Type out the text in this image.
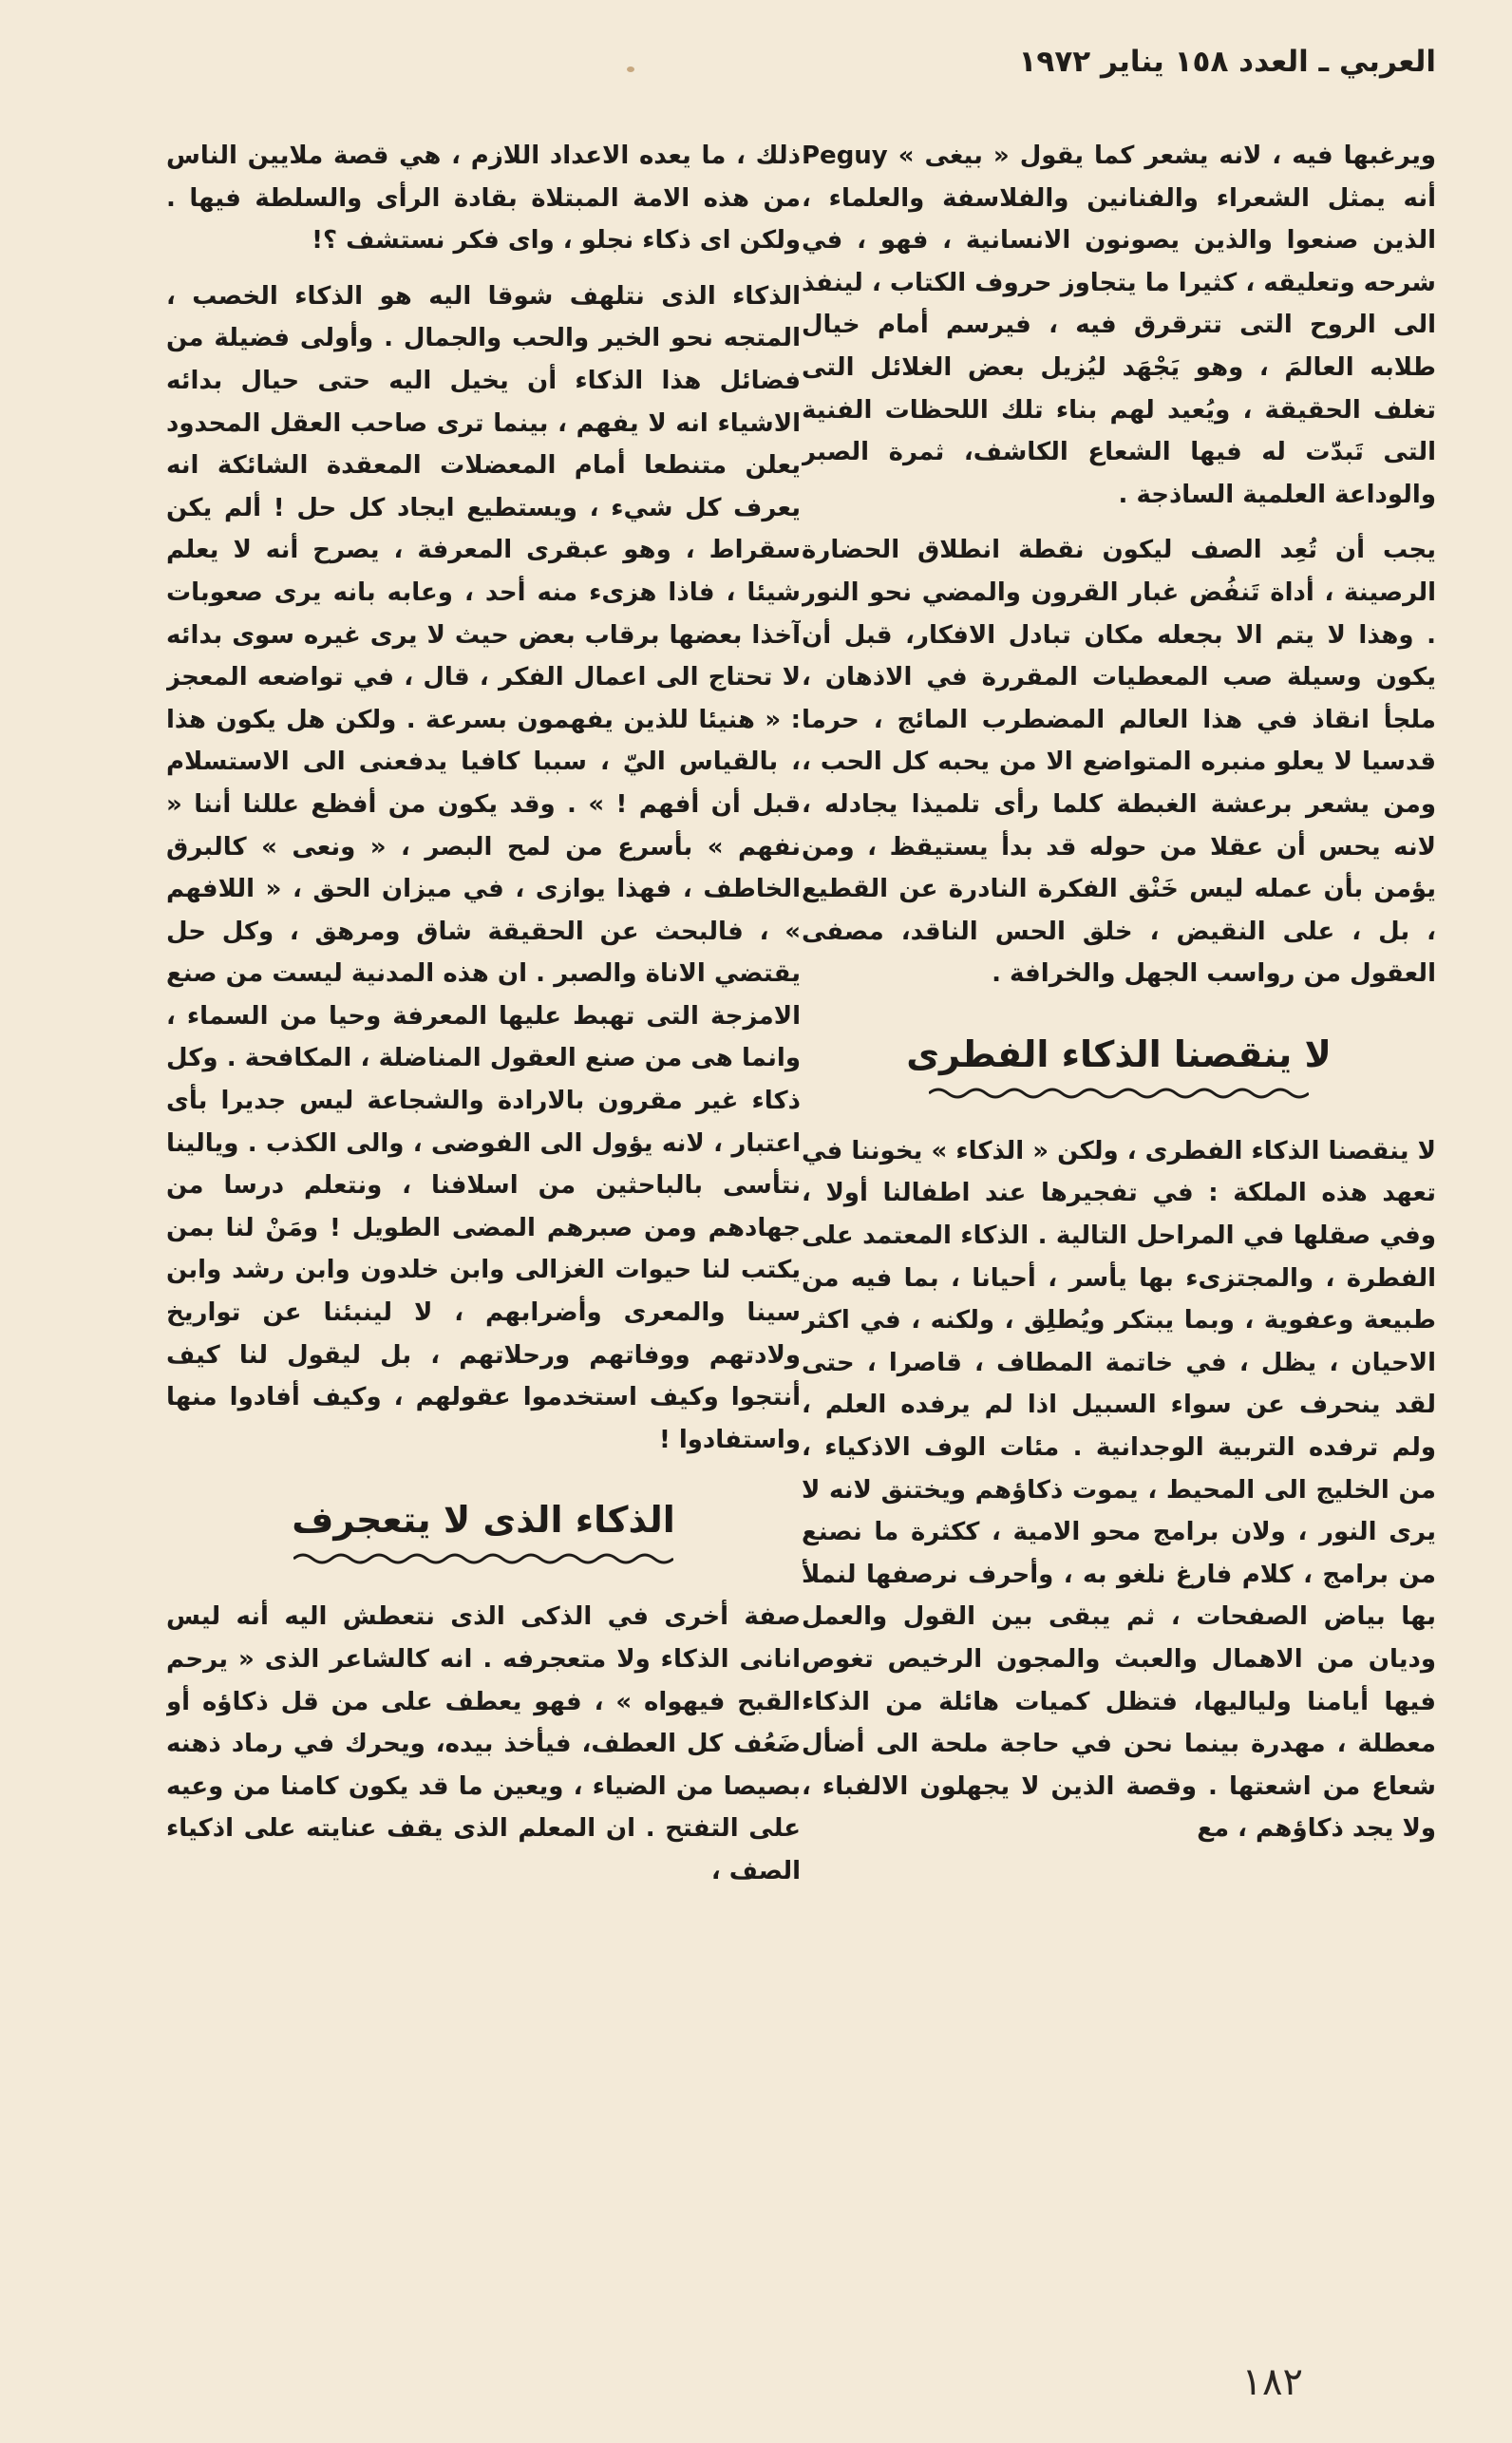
العربي ـ العدد ١٥٨ يناير ١٩٧٢

ويرغبها فيه ، لانه يشعر كما يقول « بيغى » Peguy أنه يمثل الشعراء والفنانين والفلاسفة والعلماء ، الذين صنعوا والذين يصونون الانسانية ، فهو ، في شرحه وتعليقه ، كثيرا ما يتجاوز حروف الكتاب ، لينفذ الى الروح التى تترقرق فيه ، فيرسم أمام خيال طلابه العالمَ ، وهو يَجْهَد ليُزيل بعض الغلائل التى تغلف الحقيقة ، ويُعيد لهم بناء تلك اللحظات الفنية التى تَبدّت له فيها الشعاع الكاشف، ثمرة الصبر والوداعة العلمية الساذجة .

يجب أن تُعِد الصف ليكون نقطة انطلاق الحضارة الرصينة ، أداة تَنفُض غبار القرون والمضي نحو النور . وهذا لا يتم الا بجعله مكان تبادل الافكار، قبل أن يكون وسيلة صب المعطيات المقررة في الاذهان ، ملجأ انقاذ في هذا العالم المضطرب المائج ، حرما قدسيا لا يعلو منبره المتواضع الا من يحبه كل الحب ، ومن يشعر برعشة الغبطة كلما رأى تلميذا يجادله ، لانه يحس أن عقلا من حوله قد بدأ يستيقظ ، ومن يؤمن بأن عمله ليس خَنْق الفكرة النادرة عن القطيع ، بل ، على النقيض ، خلق الحس الناقد، مصفى العقول من رواسب الجهل والخرافة .

لا ينقصنا الذكاء الفطرى

لا ينقصنا الذكاء الفطرى ، ولكن « الذكاء » يخوننا في تعهد هذه الملكة : في تفجيرها عند اطفالنا أولا ، وفي صقلها في المراحل التالية . الذكاء المعتمد على الفطرة ، والمجتزىء بها يأسر ، أحيانا ، بما فيه من طبيعة وعفوية ، وبما يبتكر ويُطلِق ، ولكنه ، في اكثر الاحيان ، يظل ، في خاتمة المطاف ، قاصرا ، حتى لقد ينحرف عن سواء السبيل اذا لم يرفده العلم ، ولم ترفده التربية الوجدانية . مئات الوف الاذكياء ، من الخليج الى المحيط ، يموت ذكاؤهم ويختنق لانه لا يرى النور ، ولان برامج محو الامية ، ككثرة ما نصنع من برامج ، كلام فارغ نلغو به ، وأحرف نرصفها لنملأ بها بياض الصفحات ، ثم يبقى بين القول والعمل وديان من الاهمال والعبث والمجون الرخيص تغوص فيها أيامنا ولياليها، فتظل كميات هائلة من الذكاء معطلة ، مهدرة بينما نحن في حاجة ملحة الى أضأل شعاع من اشعتها . وقصة الذين لا يجهلون الالفباء ، ولا يجد ذكاؤهم ، مع

ذلك ، ما يعده الاعداد اللازم ، هي قصة ملايين الناس من هذه الامة المبتلاة بقادة الرأى والسلطة فيها . ولكن اى ذكاء نجلو ، واى فكر نستشف ؟!

الذكاء الذى نتلهف شوقا اليه هو الذكاء الخصب ، المتجه نحو الخير والحب والجمال . وأولى فضيلة من فضائل هذا الذكاء أن يخيل اليه حتى حيال بدائه الاشياء انه لا يفهم ، بينما ترى صاحب العقل المحدود يعلن متنطعا أمام المعضلات المعقدة الشائكة انه يعرف كل شيء ، ويستطيع ايجاد كل حل ! ألم يكن سقراط ، وهو عبقرى المعرفة ، يصرح أنه لا يعلم شيئا ، فاذا هزىء منه أحد ، وعابه بانه يرى صعوبات آخذا بعضها برقاب بعض حيث لا يرى غيره سوى بدائه لا تحتاج الى اعمال الفكر ، قال ، في تواضعه المعجز : « هنيئا للذين يفهمون بسرعة . ولكن هل يكون هذا ، بالقياس اليّ ، سببا كافيا يدفعنى الى الاستسلام قبل أن أفهم ! » . وقد يكون من أفظع عللنا أننا « نفهم » بأسرع من لمح البصر ، « ونعى » كالبرق الخاطف ، فهذا يوازى ، في ميزان الحق ، « اللافهم » ، فالبحث عن الحقيقة شاق ومرهق ، وكل حل يقتضي الاناة والصبر . ان هذه المدنية ليست من صنع الامزجة التى تهبط عليها المعرفة وحيا من السماء ، وانما هى من صنع العقول المناضلة ، المكافحة . وكل ذكاء غير مقرون بالارادة والشجاعة ليس جديرا بأى اعتبار ، لانه يؤول الى الفوضى ، والى الكذب . ويالينا نتأسى بالباحثين من اسلافنا ، ونتعلم درسا من جهادهم ومن صبرهم المضى الطويل ! ومَنْ لنا بمن يكتب لنا حيوات الغزالى وابن خلدون وابن رشد وابن سينا والمعرى وأضرابهم ، لا لينبئنا عن تواريخ ولادتهم ووفاتهم ورحلاتهم ، بل ليقول لنا كيف أنتجوا وكيف استخدموا عقولهم ، وكيف أفادوا منها واستفادوا !

الذكاء الذى لا يتعجرف

صفة أخرى في الذكى الذى نتعطش اليه أنه ليس انانى الذكاء ولا متعجرفه . انه كالشاعر الذى « يرحم القبح فيهواه » ، فهو يعطف على من قل ذكاؤه أو ضَعُف كل العطف، فيأخذ بيده، ويحرك في رماد ذهنه بصيصا من الضياء ، ويعين ما قد يكون كامنا من وعيه على التفتح . ان المعلم الذى يقف عنايته على اذكياء الصف ،

١٨٢
